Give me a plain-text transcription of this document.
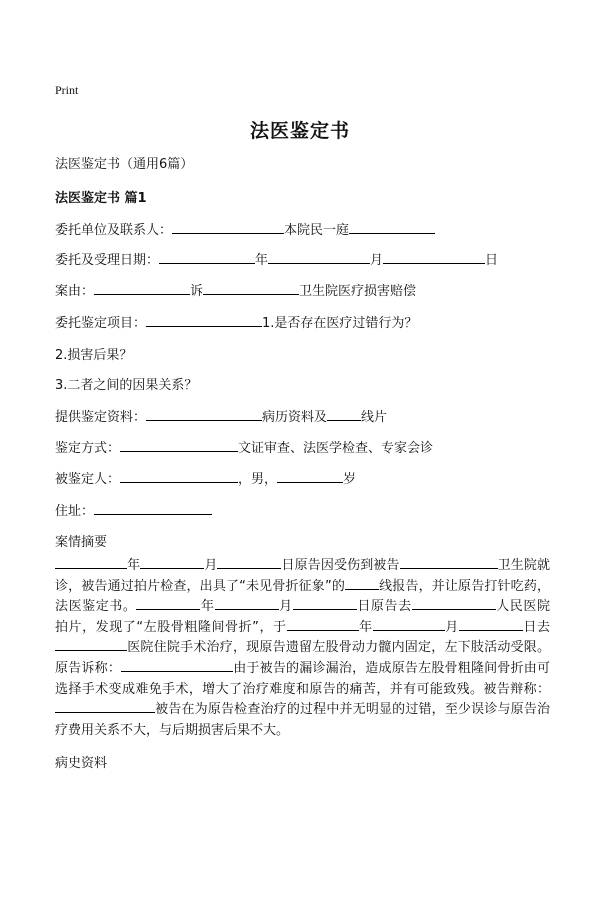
Print
法医鉴定书
法医鉴定书（通用6篇）
法医鉴定书 篇1
委托单位及联系人：	本院民一庭
委托及受理日期：	年	月	日
案由：	诉	卫生院医疗损害赔偿
委托鉴定项目：	1.是否存在医疗过错行为？
2.损害后果？
3.二者之间的因果关系？
提供鉴定资料：	病历资料及	线片
鉴定方式：	文证审查、法医学检查、专家会诊
被鉴定人：	，男，	岁
住址：
案情摘要
年	月	日原告因受伤到被告	卫生院就诊，被告通过拍片检查，出具了“未见骨折征象”的	线报告，并让原告打针吃药，法医鉴定书。	年	月	日原告去	人民医院拍片，发现了“左股骨粗隆间骨折”，于	年	月	日去医院住院手术治疗，现原告遗留左股骨动力髋内固定，左下肢活动受限。原告诉称：	由于被告的漏诊漏治，造成原告左股骨粗隆间骨折由可选择手术变成难免手术，增大了治疗难度和原告的痛苦，并有可能致残。被告辩称：被告在为原告检查治疗的过程中并无明显的过错，至少误诊与原告治疗费用关系不大，与后期损害后果不大。
病史资料
